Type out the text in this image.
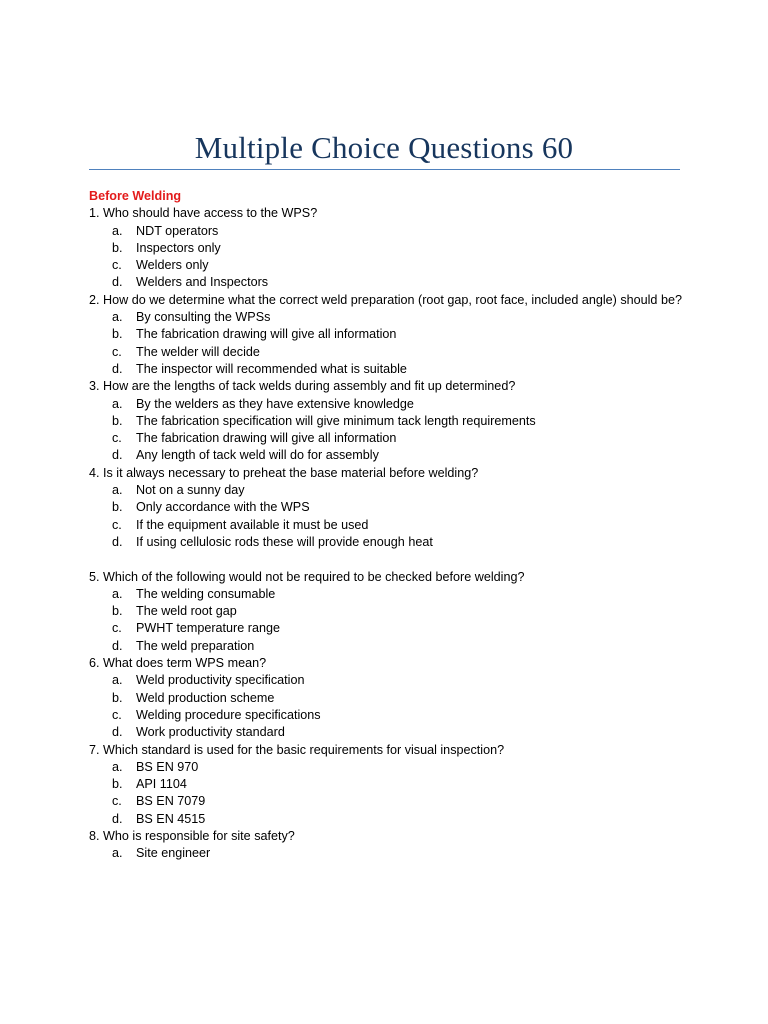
Multiple Choice Questions 60
Before Welding
1. Who should have access to the WPS?
a. NDT operators
b. Inspectors only
c. Welders only
d. Welders and Inspectors
2. How do we determine what the correct weld preparation (root gap, root face, included angle) should be?
a. By consulting the WPSs
b. The fabrication drawing will give all information
c. The welder will decide
d. The inspector will recommended what is suitable
3. How are the lengths of tack welds during assembly and fit up determined?
a. By the welders as they have extensive knowledge
b. The fabrication specification will give minimum tack length requirements
c. The fabrication drawing will give all information
d. Any length of tack weld will do for assembly
4. Is it always necessary to preheat the base material before welding?
a. Not on a sunny day
b. Only accordance with the WPS
c. If the equipment available it must be used
d. If using cellulosic rods these will provide enough heat
5. Which of the following would not be required to be checked before welding?
a. The welding consumable
b. The weld root gap
c. PWHT temperature range
d. The weld preparation
6. What does term WPS mean?
a. Weld productivity specification
b. Weld production scheme
c. Welding procedure specifications
d. Work productivity standard
7. Which standard is used for the basic requirements for visual inspection?
a. BS EN 970
b. API 1104
c. BS EN 7079
d. BS EN 4515
8. Who is responsible for site safety?
a. Site engineer
